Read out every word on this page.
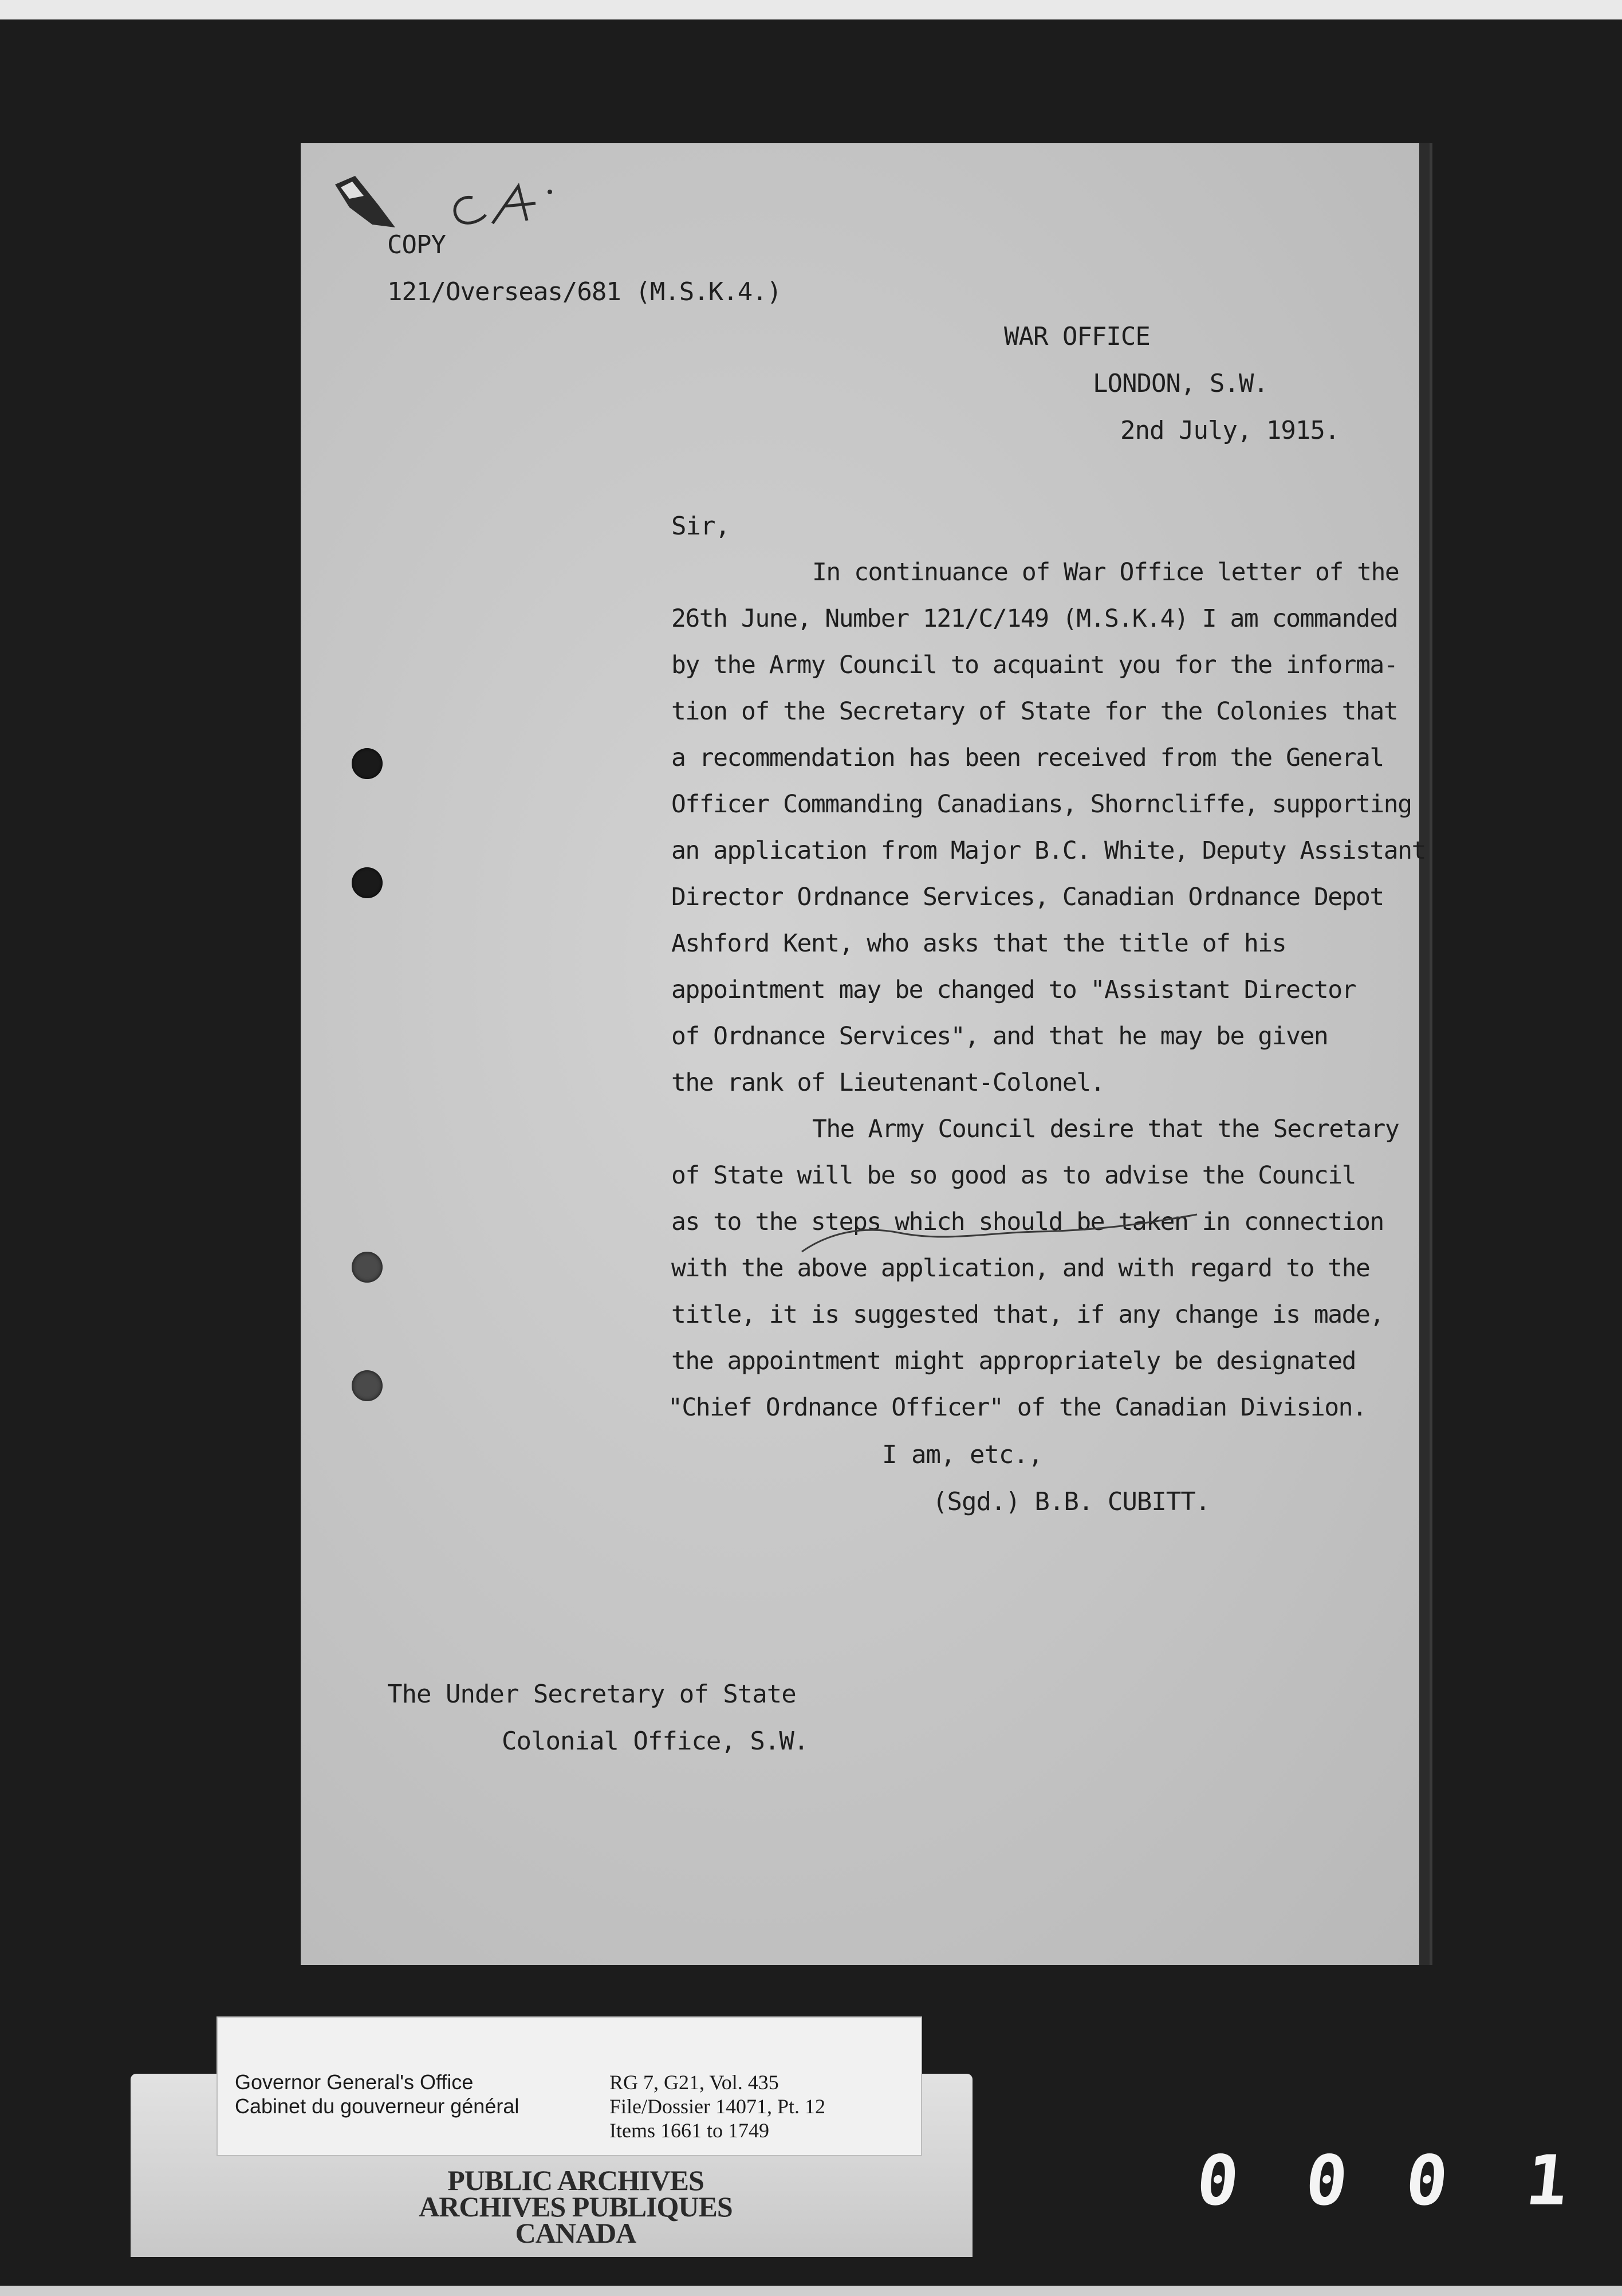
COPY
121/Overseas/681 (M.S.K.4.)
WAR OFFICE
LONDON, S.W.
2nd July, 1915.
Sir,
In continuance of War Office letter of the
26th June, Number 121/C/149 (M.S.K.4) I am commanded
by the Army Council to acquaint you for the informa-
tion of the Secretary of State for the Colonies that
a recommendation has been received from the General
Officer Commanding Canadians, Shorncliffe, supporting
an application from Major B.C. White, Deputy Assistant
Director Ordnance Services, Canadian Ordnance Depot
Ashford Kent, who asks that the title of his
appointment may be changed to "Assistant Director
of Ordnance Services", and that he may be given
the rank of Lieutenant-Colonel.
The Army Council desire that the Secretary
of State will be so good as to advise the Council
as to the steps which should be taken in connection
with the above application, and with regard to the
title, it is suggested that, if any change is made,
the appointment might appropriately be designated
"Chief Ordnance Officer" of the Canadian Division.
I am, etc.,
(Sgd.) B.B. CUBITT.
The Under Secretary of State
Colonial Office, S.W.
Governor General's Office
Cabinet du gouverneur général
RG 7, G21, Vol. 435
File/Dossier 14071, Pt. 12
Items 1661 to 1749
PUBLIC ARCHIVES
ARCHIVES PUBLIQUES
CANADA
0 0 0 1
